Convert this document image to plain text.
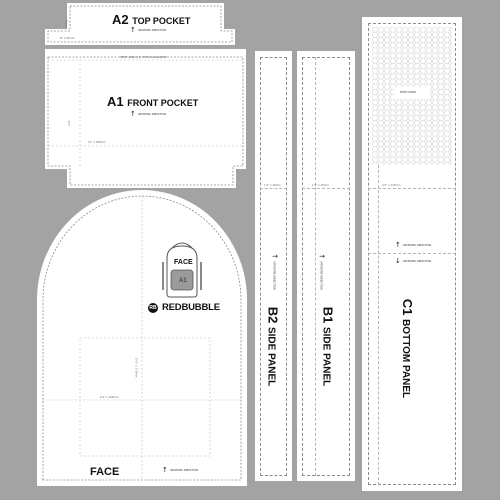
A2 TOP POCKET
↑ ARTWORK DIRECTION
8" x 25mm
25mm
PRINT AREA 0.5" SEAM ALLOWANCE
A1 FRONT POCKET
↑ ARTWORK DIRECTION
11" x 185mm
6.5"
1.5" x 40mm
↑
ARTWORK DIRECTION
B2 SIDE PANEL
1.5" x 40mm
↑
ARTWORK DIRECTION
B1 SIDE PANEL
MESH PANEL
4.5" x 115mm
↑ ARTWORK DIRECTION
↓ ARTWORK DIRECTION
C1 BOTTOM PANEL
6.5" x 165mm
10.5" x 270mm
FACE
A1
RB REDBUBBLE
FACE	↑ ARTWORK DIRECTION
